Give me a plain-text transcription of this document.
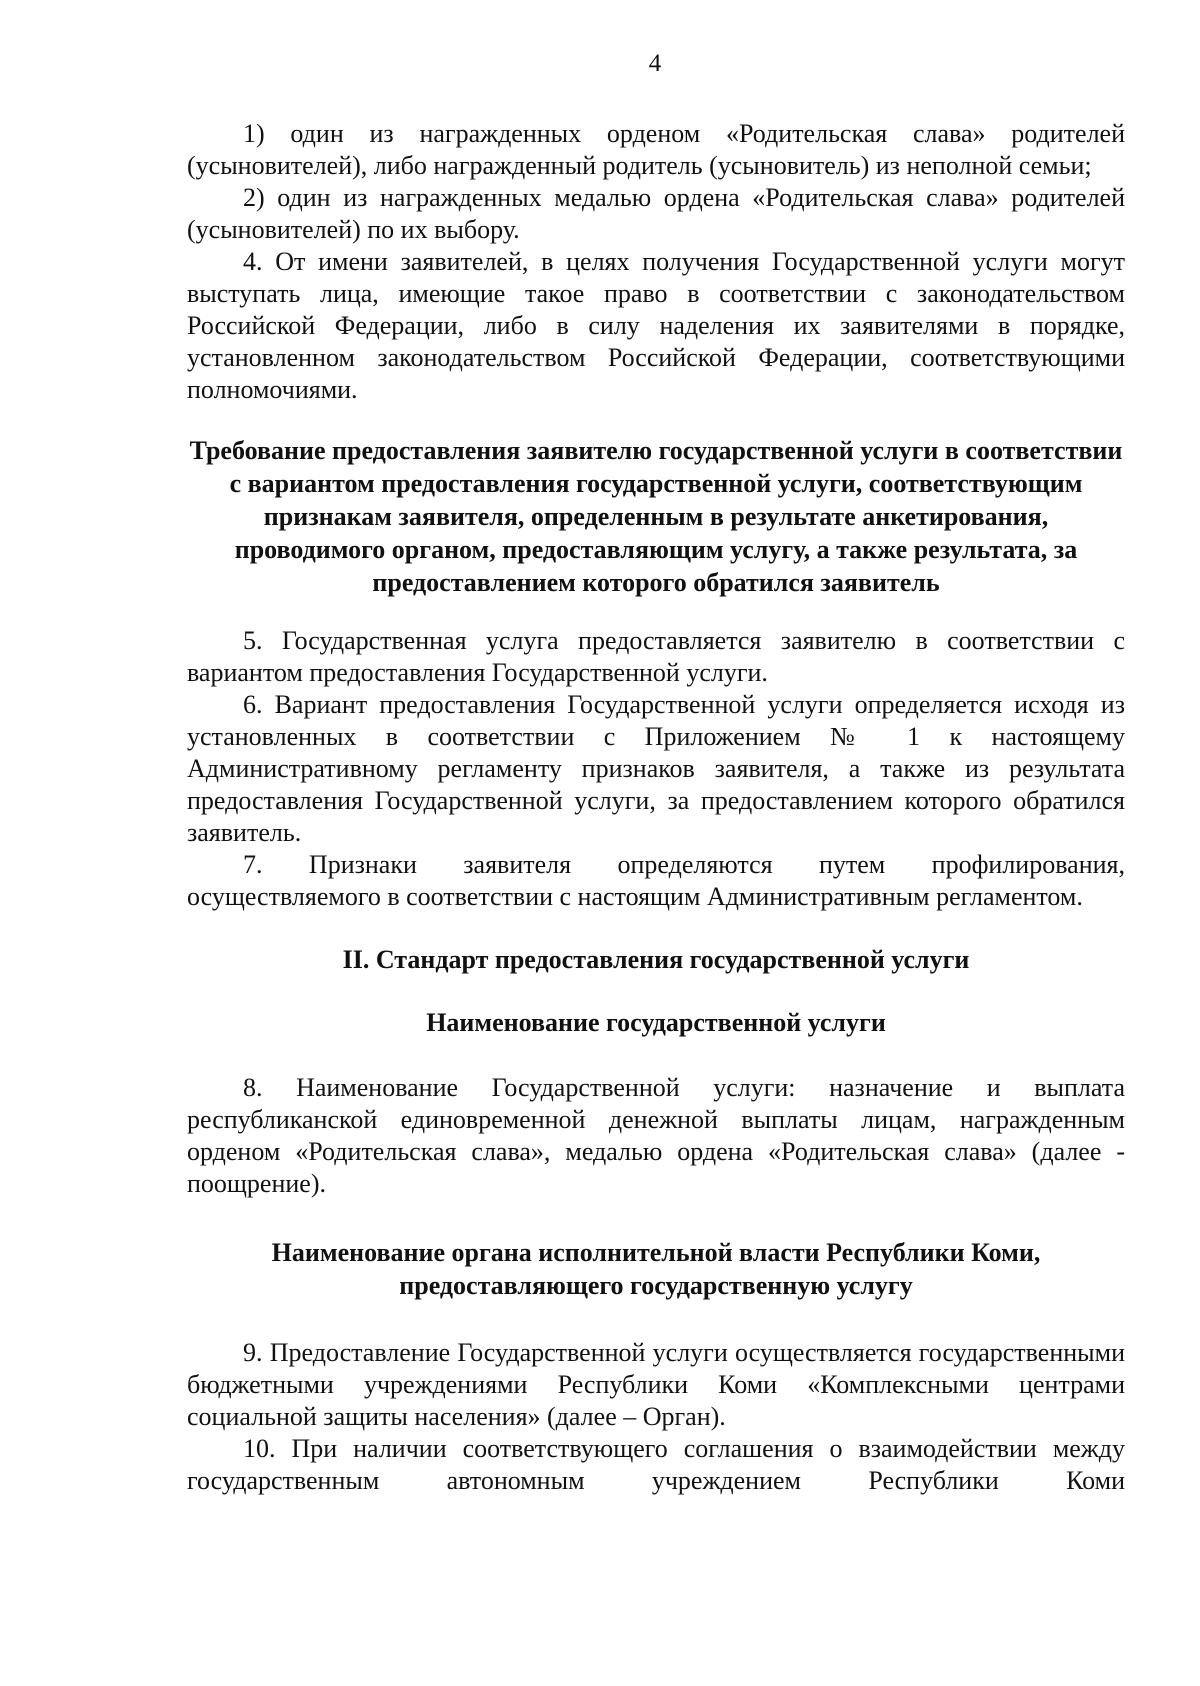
4

1) один из награжденных орденом «Родительская слава» родителей (усыновителей), либо награжденный родитель (усыновитель) из неполной семьи;

2) один из награжденных медалью ордена «Родительская слава» родителей (усыновителей) по их выбору.

4. От имени заявителей, в целях получения Государственной услуги могут выступать лица, имеющие такое право в соответствии с законодательством Российской Федерации, либо в силу наделения их заявителями в порядке, установленном законодательством Российской Федерации, соответствующими полномочиями.

Требование предоставления заявителю государственной услуги в соответствии с вариантом предоставления государственной услуги, соответствующим признакам заявителя, определенным в результате анкетирования, проводимого органом, предоставляющим услугу, а также результата, за предоставлением которого обратился заявитель

5. Государственная услуга предоставляется заявителю в соответствии с вариантом предоставления Государственной услуги.

6. Вариант предоставления Государственной услуги определяется исходя из установленных в соответствии с Приложением № 1 к настоящему Административному регламенту признаков заявителя, а также из результата предоставления Государственной услуги, за предоставлением которого обратился заявитель.

7. Признаки заявителя определяются путем профилирования, осуществляемого в соответствии с настоящим Административным регламентом.

II. Стандарт предоставления государственной услуги

Наименование государственной услуги

8. Наименование Государственной услуги: назначение и выплата республиканской единовременной денежной выплаты лицам, награжденным орденом «Родительская слава», медалью ордена «Родительская слава» (далее - поощрение).

Наименование органа исполнительной власти Республики Коми, предоставляющего государственную услугу

9. Предоставление Государственной услуги осуществляется государственными бюджетными учреждениями Республики Коми «Комплексными центрами социальной защиты населения» (далее – Орган).

10. При наличии соответствующего соглашения о взаимодействии между государственным автономным учреждением Республики Коми
